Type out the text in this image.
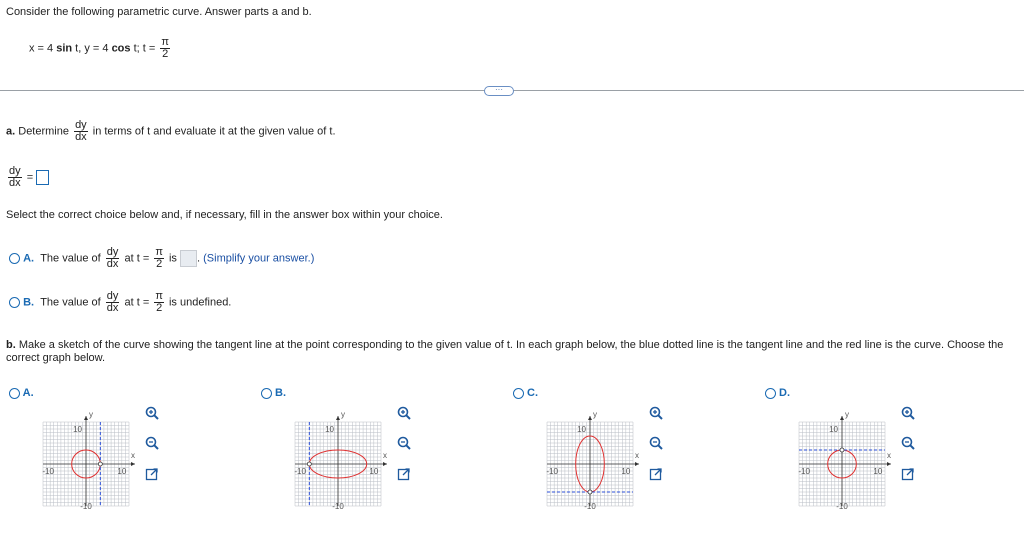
Consider the following parametric curve. Answer parts a and b.
x = 4 sin t, y = 4 cos t; $t = \frac{\pi}{2}$
···
a. Determine $\frac{dy}{dx}$ in terms of t and evaluate it at the given value of t.
$\frac{dy}{dx}$ =
Select the correct choice below and, if necessary, fill in the answer box within your choice.
A. The value of $\frac{dy}{dx}$ at $t = \frac{\pi}{2}$ is . (Simplify your answer.)
B. The value of $\frac{dy}{dx}$ at $t = \frac{\pi}{2}$ is undefined.
b. Make a sketch of the curve showing the tangent line at the point corresponding to the given value of t. In each graph below, the blue dotted line is the tangent line and the red line is the curve. Choose the correct graph below.
A.
10
-10
-10	10
x
y
B.
10
-10
-10	10
x
y
C.
10
-10
-10	10
x
y
D.
10
-10
-10	10
x
y
